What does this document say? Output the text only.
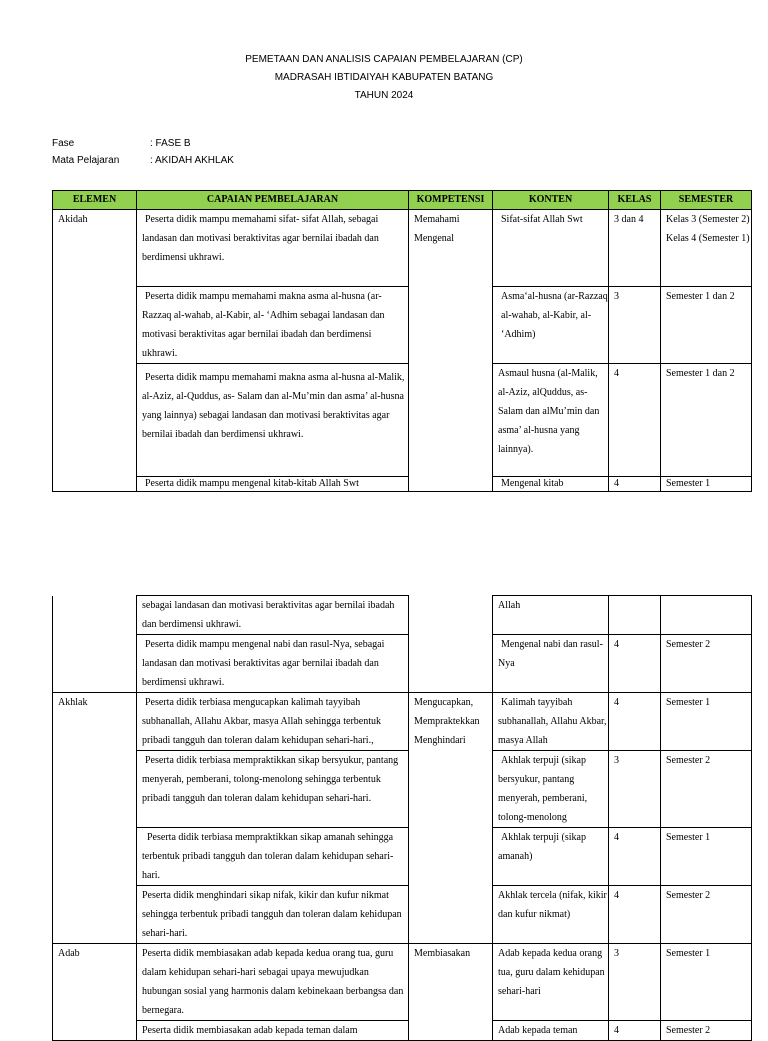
PEMETAAN DAN ANALISIS CAPAIAN PEMBELAJARAN (CP)
MADRASAH IBTIDAIYAH KABUPATEN BATANG
TAHUN 2024
Fase	: FASE B
Mata Pelajaran	: AKIDAH AKHLAK
ELEMEN	CAPAIAN PEMBELAJARAN	KOMPETENSI	KONTEN	KELAS	SEMESTER
Akidah	Peserta didik mampu memahami sifat- sifat Allah, sebagai landasan dan motivasi beraktivitas agar bernilai ibadah dan berdimensi ukhrawi.	Memahami Mengenal	Sifat-sifat Allah Swt	3 dan 4	Kelas 3 (Semester 2)
Kelas 4 (Semester 1)

	Peserta didik mampu memahami makna asma al-husna (ar-Razzaq al-wahab, al-Kabir, al- ʻAdhim sebagai landasan dan motivasi beraktivitas agar bernilai ibadah dan berdimensi ukhrawi.		Asmaʻal-husna (ar-Razzaq al-wahab, al-Kabir, al- ʻAdhim)	3	Semester 1 dan 2
	Peserta didik mampu memahami makna asma al-husna al-Malik, al-Aziz, al-Quddus, as- Salam dan al-Mu’min dan asma’ al-husna yang lainnya) sebagai landasan dan motivasi beraktivitas agar bernilai ibadah dan berdimensi ukhrawi.		Asmaul husna (al-Malik, al-Aziz, alQuddus, as- Salam dan alMu’min dan asma’ al-husna yang lainnya).	4	Semester 1 dan 2
	Peserta didik mampu mengenal kitab-kitab Allah Swt		Mengenal kitab	4	Semester 1
	sebagai landasan dan motivasi beraktivitas agar bernilai ibadah dan berdimensi ukhrawi.		Allah		
	Peserta didik mampu mengenal nabi dan rasul-Nya, sebagai landasan dan motivasi beraktivitas agar bernilai ibadah dan berdimensi ukhrawi.		Mengenal nabi dan rasul-Nya	4	Semester 2
Akhlak	Peserta didik terbiasa mengucapkan kalimah tayyibah subhanallah, Allahu Akbar, masya Allah sehingga terbentuk pribadi tangguh dan toleran dalam kehidupan sehari-hari.,	Mengucapkan, Mempraktekkan Menghindari	Kalimah tayyibah subhanallah, Allahu Akbar, masya Allah	4	Semester 1
	Peserta didik terbiasa mempraktikkan sikap bersyukur, pantang menyerah, pemberani, tolong-menolong sehingga terbentuk pribadi tangguh dan toleran dalam kehidupan sehari-hari.		Akhlak terpuji (sikap bersyukur, pantang menyerah, pemberani, tolong-menolong	3	Semester 2
	Peserta didik terbiasa mempraktikkan sikap amanah sehingga terbentuk pribadi tangguh dan toleran dalam kehidupan sehari-hari.		Akhlak terpuji (sikap amanah)	4	Semester 1
	Peserta didik menghindari sikap nifak, kikir dan kufur nikmat sehingga terbentuk pribadi tangguh dan toleran dalam kehidupan sehari-hari.		Akhlak tercela (nifak, kikir dan kufur nikmat)	4	Semester 2
Adab	Peserta didik membiasakan adab kepada kedua orang tua, guru dalam kehidupan sehari-hari sebagai upaya mewujudkan hubungan sosial yang harmonis dalam kebinekaan berbangsa dan bernegara.	Membiasakan	Adab kepada kedua orang tua, guru dalam kehidupan sehari-hari	3	Semester 1
	Peserta didik membiasakan adab kepada teman dalam		Adab kepada teman	4	Semester 2
